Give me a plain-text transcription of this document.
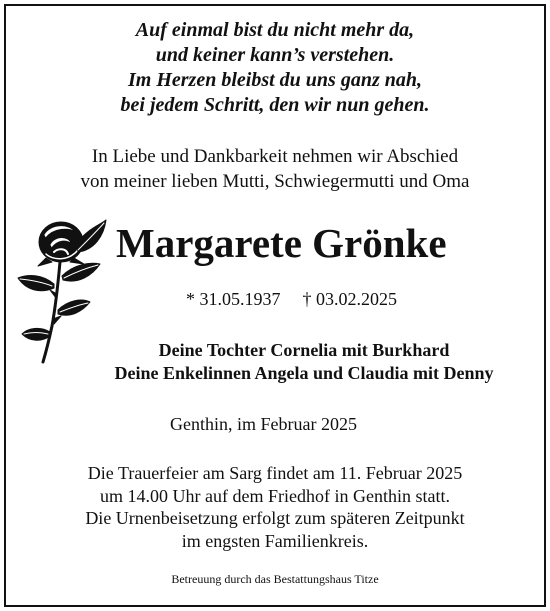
Auf einmal bist du nicht mehr da,
und keiner kann’s verstehen.
Im Herzen bleibst du uns ganz nah,
bei jedem Schritt, den wir nun gehen.
In Liebe und Dankbarkeit nehmen wir Abschied
von meiner lieben Mutti, Schwiegermutti und Oma
Margarete Grönke
* 31.05.1937 † 03.02.2025
Deine Tochter Cornelia mit Burkhard
Deine Enkelinnen Angela und Claudia mit Denny
Genthin, im Februar 2025
Die Trauerfeier am Sarg findet am 11. Februar 2025
um 14.00 Uhr auf dem Friedhof in Genthin statt.
Die Urnenbeisetzung erfolgt zum späteren Zeitpunkt
im engsten Familienkreis.
Betreuung durch das Bestattungshaus Titze
